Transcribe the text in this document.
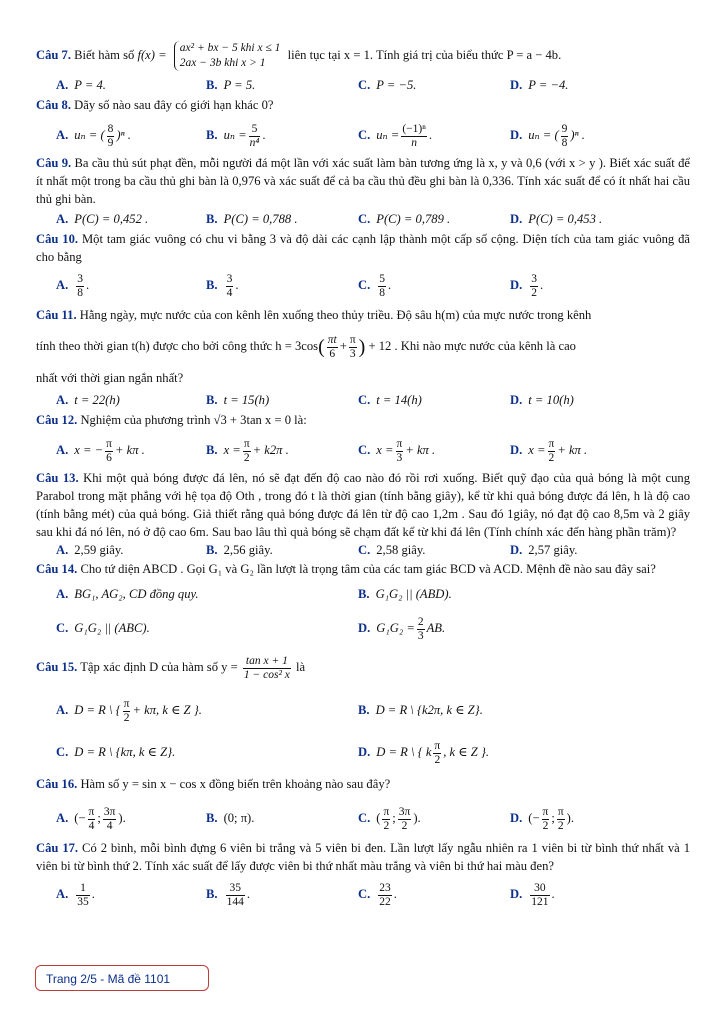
Câu 7. Biết hàm số f(x) = ax² + bx − 5 khi x ≤ 1
2ax − 3b khi x > 1
liên tục tại x = 1. Tính giá trị của biểu thức P = a − 4b.
A. P = 4.	B. P = 5.	C. P = −5.	D. P = −4.
Câu 8. Dãy số nào sau đây có giới hạn khác 0?
A. uₙ = ( $\frac{8}{9} )^n$ .	B. $u_n = \frac{5}{\text{n⁴}}$ .	C. $u_n = \frac{\text{(−1)ⁿ}}{n}$ .	D. uₙ = ( $\frac{9}{8} )^n$ .
Câu 9. Ba cầu thủ sút phạt đền, mỗi người đá một lần với xác suất làm bàn tương ứng là x, y và 0,6 (với x > y ). Biết xác suất để ít nhất một trong ba cầu thủ ghi bàn là 0,976 và xác suất để cả ba cầu thủ đều ghi bàn là 0,336. Tính xác suất để có ít nhất hai cầu thủ ghi bàn.
A. P(C) = 0,452 .	B. P(C) = 0,788 .	C. P(C) = 0,789 .	D. P(C) = 0,453 .
Câu 10. Một tam giác vuông có chu vi bằng 3 và độ dài các cạnh lập thành một cấp số cộng. Diện tích của tam giác vuông đã cho bằng
A. $\frac{3}{8}$ .	B. $\frac{3}{4}$ .	C. $\frac{5}{8}$ .	D. $\frac{3}{2}$ .
Câu 11. Hằng ngày, mực nước của con kênh lên xuống theo thủy triều. Độ sâu h(m) của mực nước trong kênh
tính theo thời gian t(h) được cho bởi công thức $h = 3\cos( \frac{\pi t}{6} + \frac{\pi}{3}$ ) + 12 . Khi nào mực nước của kênh là cao
nhất với thời gian ngắn nhất?
A. t = 22(h)	B. t = 15(h)	C. t = 14(h)	D. t = 10(h)
Câu 12. Nghiệm của phương trình √3 + 3tan x = 0 là:
A. x = − $\frac{\pi}{6} + k\pi$ .	B. $x = \frac{\pi}{2} + k2\pi$ .	C. $x = \frac{\pi}{3} + k\pi$ .	D. $x = \frac{\pi}{2} + k\pi$ .
Câu 13. Khi một quả bóng được đá lên, nó sẽ đạt đến độ cao nào đó rồi rơi xuống. Biết quỹ đạo của quả bóng là một cung Parabol trong mặt phẳng với hệ tọa độ Oth , trong đó t là thời gian (tính bằng giây), kể từ khi quả bóng được đá lên, h là độ cao (tính bằng mét) của quả bóng. Giả thiết rằng quả bóng được đá lên từ độ cao 1,2m . Sau đó 1giây, nó đạt độ cao 8,5m và 2 giây sau khi đá nó lên, nó ở độ cao 6m. Sau bao lâu thì quả bóng sẽ chạm đất kể từ khi đá lên (Tính chính xác đến hàng phần trăm)?
A. 2,59 giây.	B. 2,56 giây.	C. 2,58 giây.	D. 2,57 giây.
Câu 14. Cho tứ diện ABCD . Gọi G₁ và G₂ lần lượt là trọng tâm của các tam giác BCD và ACD. Mệnh đề nào sau đây sai?
A. BG₁, AG₂, CD đồng quy.	B. G₁G₂ || (ABD).
C. G₁G₂ || (ABC).	D. $G_1G_2 = \frac{2}{3}$ AB.
Câu 15. Tập xác định D của hàm số $y = \frac{\text{tan x + 1}}{\text{1 − cos² x}}$ là
A. D = R \ { $\frac{\pi}{2} + k\pi$, k ∈ Z }.	B. D = R \ {k2π, k ∈ Z}.
C. D = R \ {kπ, k ∈ Z}.	D. D = R \ { k $\frac{\pi}{2}$ , k ∈ Z }.
Câu 16. Hàm số y = sin x − cos x đồng biến trên khoảng nào sau đây?
A. (− $\frac{\pi}{4}$ ; $\frac{3\pi}{4}$ ).	B. (0; π).	C. ( $\frac{\pi}{2}$ ; $\frac{3\pi}{2}$ ).	D. (− $\frac{\pi}{2}$ ; $\frac{\pi}{2}$ ).
Câu 17. Có 2 bình, mỗi bình đựng 6 viên bi trắng và 5 viên bi đen. Lần lượt lấy ngẫu nhiên ra 1 viên bi từ bình thứ nhất và 1 viên bi từ bình thứ 2. Tính xác suất để lấy được viên bi thứ nhất màu trắng và viên bi thứ hai màu đen?
A. $\frac{1}{35}$ .	B. $\frac{35}{144}$ .	C. $\frac{23}{22}$ .	D. $\frac{30}{121}$ .
Trang 2/5 - Mã đề 1101
